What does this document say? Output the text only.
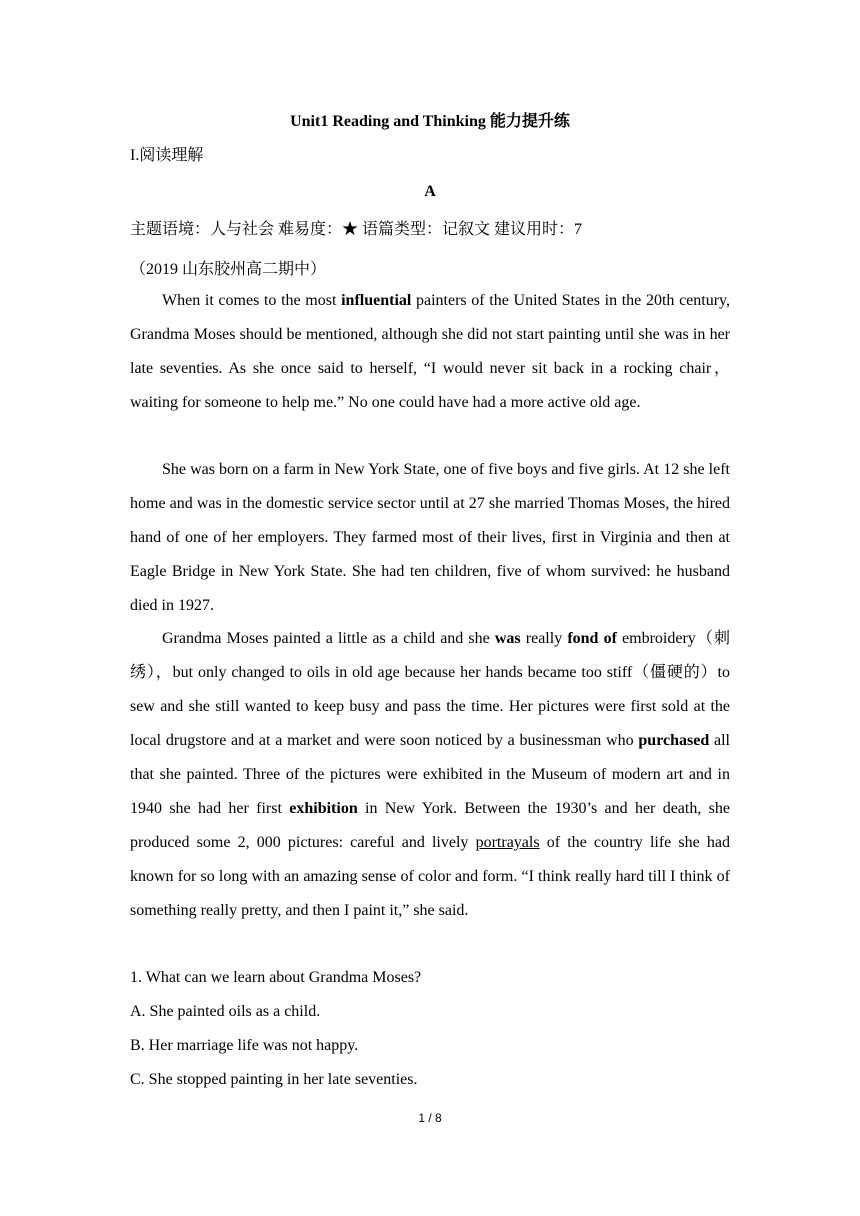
Unit1 Reading and Thinking 能力提升练
I.阅读理解
A
主题语境：人与社会 难易度：★ 语篇类型：记叙文 建议用时：7
（2019 山东胶州高二期中）
When it comes to the most influential painters of the United States in the 20th century, Grandma Moses should be mentioned, although she did not start painting until she was in her late seventies. As she once said to herself, “I would never sit back in a rocking chair，waiting for someone to help me.” No one could have had a more active old age.
She was born on a farm in New York State, one of five boys and five girls. At 12 she left home and was in the domestic service sector until at 27 she married Thomas Moses, the hired hand of one of her employers. They farmed most of their lives, first in Virginia and then at Eagle Bridge in New York State. She had ten children, five of whom survived: he husband died in 1927.
Grandma Moses painted a little as a child and she was really fond of embroidery（刺绣），but only changed to oils in old age because her hands became too stiff（僵硬的）to sew and she still wanted to keep busy and pass the time. Her pictures were first sold at the local drugstore and at a market and were soon noticed by a businessman who purchased all that she painted. Three of the pictures were exhibited in the Museum of modern art and in 1940 she had her first exhibition in New York. Between the 1930’s and her death, she produced some 2, 000 pictures: careful and lively portrayals of the country life she had known for so long with an amazing sense of color and form. “I think really hard till I think of something really pretty, and then I paint it,” she said.
1. What can we learn about Grandma Moses?
A. She painted oils as a child.
B. Her marriage life was not happy.
C. She stopped painting in her late seventies.
1 / 8
